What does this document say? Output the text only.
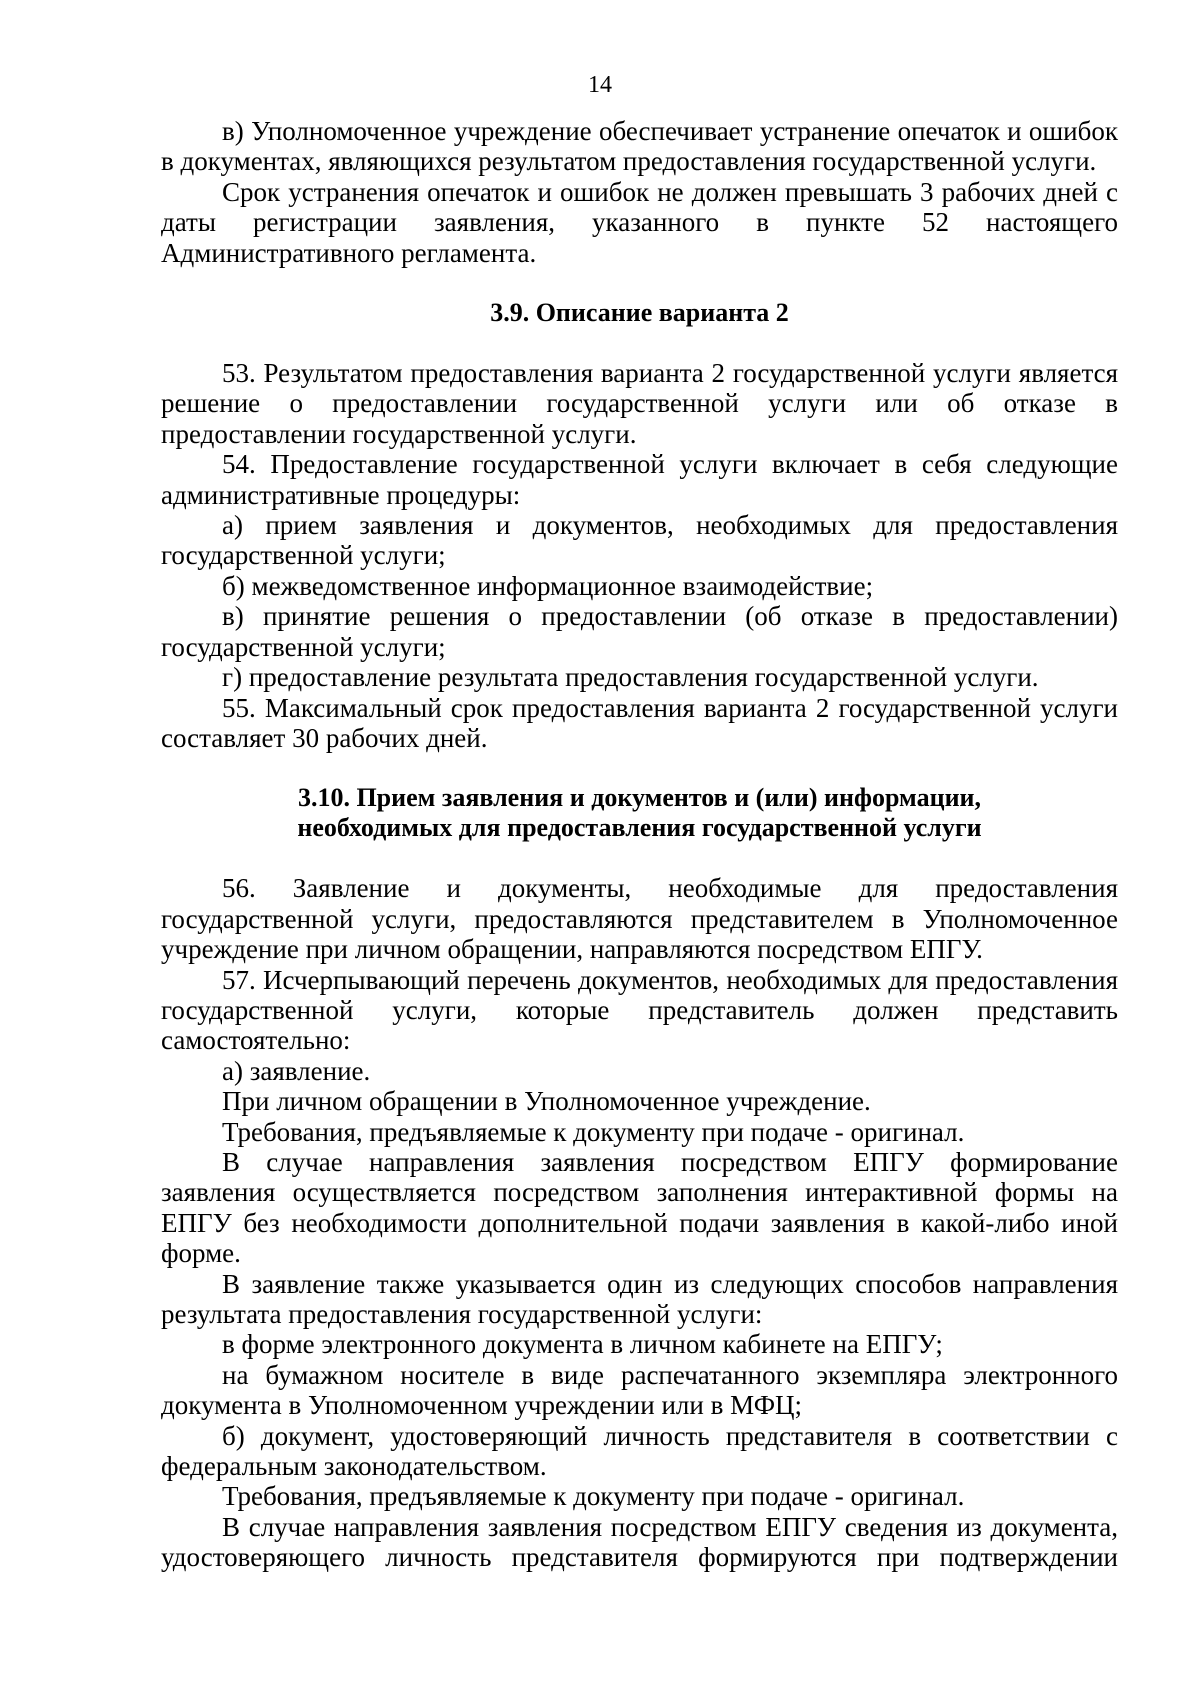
14

в) Уполномоченное учреждение обеспечивает устранение опечаток и ошибок в документах, являющихся результатом предоставления государственной услуги.

Срок устранения опечаток и ошибок не должен превышать 3 рабочих дней с даты регистрации заявления, указанного в пункте 52 настоящего Административного регламента.

3.9. Описание варианта 2

53. Результатом предоставления варианта 2 государственной услуги является решение о предоставлении государственной услуги или об отказе в предоставлении государственной услуги.

54. Предоставление государственной услуги включает в себя следующие административные процедуры:

а) прием заявления и документов, необходимых для предоставления государственной услуги;

б) межведомственное информационное взаимодействие;

в) принятие решения о предоставлении (об отказе в предоставлении) государственной услуги;

г) предоставление результата предоставления государственной услуги.

55. Максимальный срок предоставления варианта 2 государственной услуги составляет 30 рабочих дней.

3.10. Прием заявления и документов и (или) информации,

необходимых для предоставления государственной услуги

56. Заявление и документы, необходимые для предоставления государственной услуги, предоставляются представителем в Уполномоченное учреждение при личном обращении, направляются посредством ЕПГУ.

57. Исчерпывающий перечень документов, необходимых для предоставления государственной услуги, которые представитель должен представить самостоятельно:

а) заявление.

При личном обращении в Уполномоченное учреждение.

Требования, предъявляемые к документу при подаче - оригинал.

В случае направления заявления посредством ЕПГУ формирование заявления осуществляется посредством заполнения интерактивной формы на ЕПГУ без необходимости дополнительной подачи заявления в какой-либо иной форме.

В заявление также указывается один из следующих способов направления результата предоставления государственной услуги:

в форме электронного документа в личном кабинете на ЕПГУ;

на бумажном носителе в виде распечатанного экземпляра электронного документа в Уполномоченном учреждении или в МФЦ;

б) документ, удостоверяющий личность представителя в соответствии с федеральным законодательством.

Требования, предъявляемые к документу при подаче - оригинал.

В случае направления заявления посредством ЕПГУ сведения из документа, удостоверяющего личность представителя формируются при подтверждении
